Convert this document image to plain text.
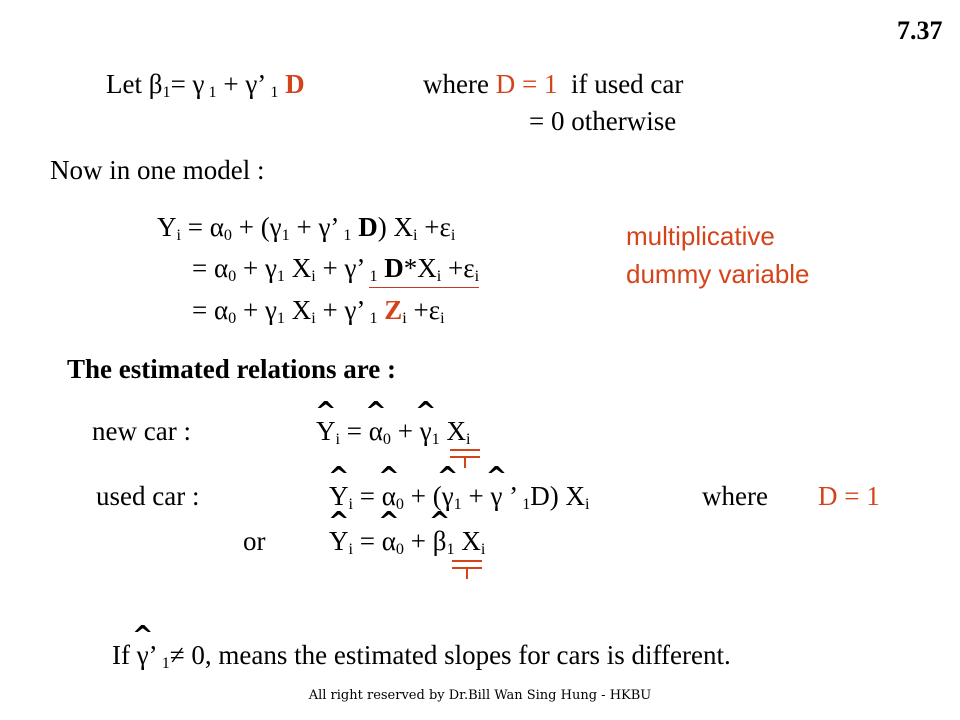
7.37
Let $\beta_1= \gamma$ $_1$ + γ’ $_1$ D	where D = 1 if used car
= 0 otherwise
Now in one model :
$Y_i = \alpha_0 + (\gamma_1 + \gamma$’ $_1$ D) $X_i +\varepsilon_i$
= $\alpha_0 + \gamma_1$ $X_i + \gamma$’ $_1$ $D*X_i +\varepsilon_i$
= $\alpha_0 + \gamma_1$ $X_i + \gamma$’ $_1$ $Z_i +\varepsilon_i$
multiplicative
dummy variable
The estimated relations are :
new car :	^ $Y_i$ = ^ $\alpha_0$ + ^ $\gamma_1$ $X_i$
used car :	^ $Y_i$ = ^ $\alpha_0$ + (^ $\gamma_1$ + ^ γ ’ $_1$D) $X_i$	where D = 1
or ^ $Y_i$ = ^ $\alpha_0$ + ^ $\beta_1$ $X_i$
If ^ γ’ $_1$≠ 0, means the estimated slopes for cars is different.
All right reserved by Dr.Bill Wan Sing Hung - HKBU
